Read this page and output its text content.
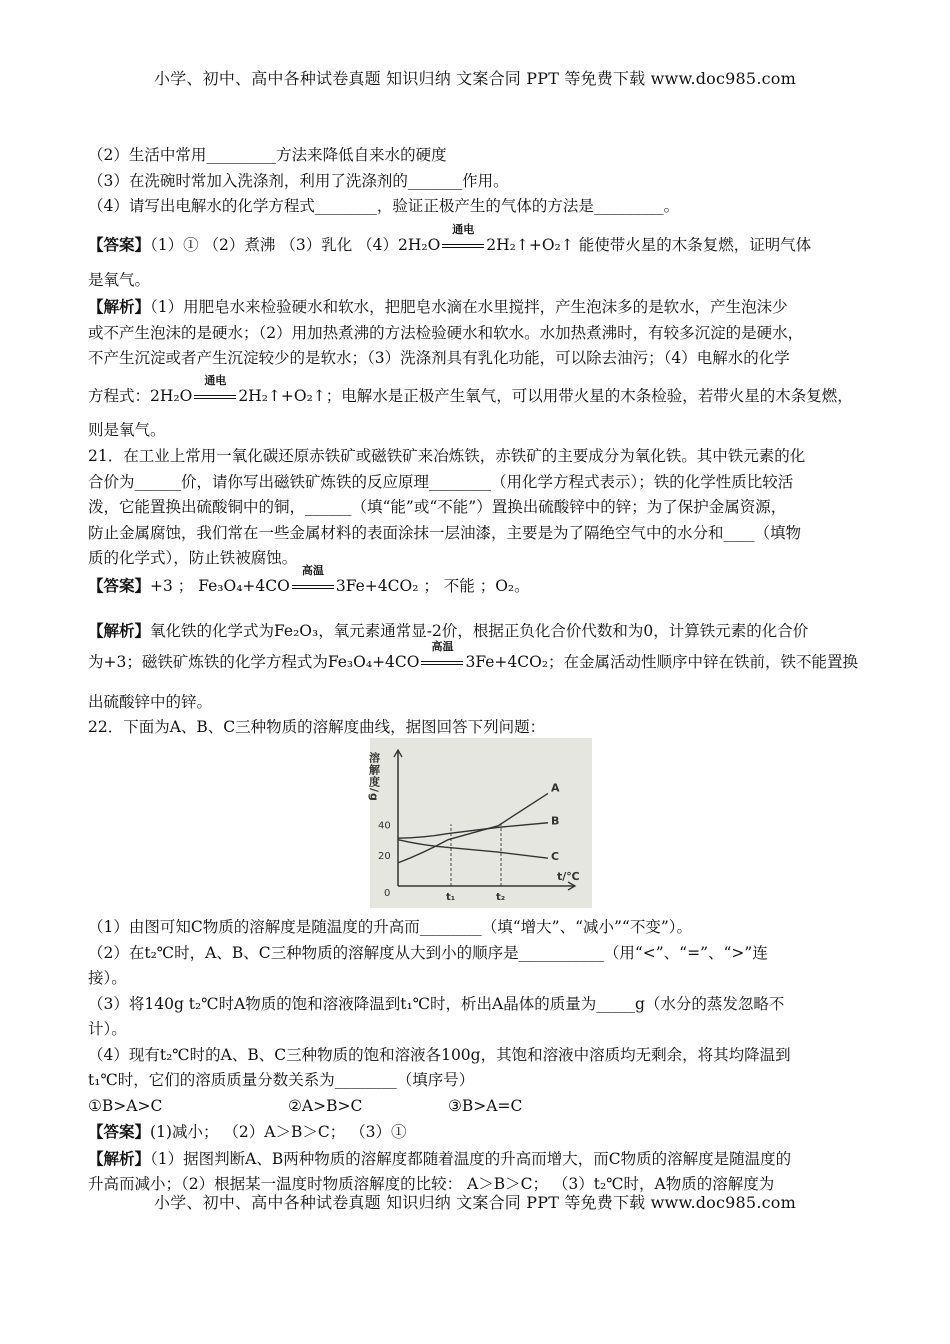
小学、初中、高中各种试卷真题 知识归纳 文案合同 PPT 等免费下载 www.doc985.com

（2）生活中常用_________方法来降低自来水的硬度

（3）在洗碗时常加入洗涤剂，利用了洗涤剂的_______作用。

（4）请写出电解水的化学方程式________，验证正极产生的气体的方法是_________。

【答案】（1）① （2）煮沸 （3）乳化 （4）2H₂O
通电
2H₂↑+O₂↑ 能使带火星的木条复燃，证明气体

是氧气。

【解析】（1）用肥皂水来检验硬水和软水，把肥皂水滴在水里搅拌，产生泡沫多的是软水，产生泡沫少

或不产生泡沫的是硬水；（2）用加热煮沸的方法检验硬水和软水。水加热煮沸时，有较多沉淀的是硬水，

不产生沉淀或者产生沉淀较少的是软水；（3）洗涤剂具有乳化功能，可以除去油污；（4）电解水的化学

方程式：2H₂O
通电
2H₂↑+O₂↑；电解水是正极产生氧气，可以用带火星的木条检验，若带火星的木条复燃，

则是氧气。

21．在工业上常用一氧化碳还原赤铁矿或磁铁矿来冶炼铁，赤铁矿的主要成分为氧化铁。其中铁元素的化

合价为______价，请你写出磁铁矿炼铁的反应原理________（用化学方程式表示）；铁的化学性质比较活

泼，它能置换出硫酸铜中的铜，______（填“能”或“不能”）置换出硫酸锌中的锌；为了保护金属资源，

防止金属腐蚀，我们常在一些金属材料的表面涂抹一层油漆，主要是为了隔绝空气中的水分和____（填物

质的化学式），防止铁被腐蚀。

【答案】+3 ； Fe₃O₄+4CO
高温
3Fe+4CO₂ ； 不能 ；O₂。

【解析】氧化铁的化学式为Fe₂O₃，氧元素通常显-2价，根据正负化合价代数和为0，计算铁元素的化合价

为+3；磁铁矿炼铁的化学方程式为Fe₃O₄+4CO
高温
3Fe+4CO₂；在金属活动性顺序中锌在铁前，铁不能置换

出硫酸锌中的锌。

22．下面为A、B、C三种物质的溶解度曲线，据图回答下列问题：

溶解度/g
t/℃
0
20
40
t₁	t₂
A
B
C

（1）由图可知C物质的溶解度是随温度的升高而________（填“增大”、“减小”“不变”）。

（2）在t₂℃时，A、B、C三种物质的溶解度从大到小的顺序是___________（用“<”、“=”、“>”连

接）。

（3）将140g t₂℃时A物质的饱和溶液降温到t₁℃时，析出A晶体的质量为_____g（水分的蒸发忽略不

计）。

（4）现有t₂℃时的A、B、C三种物质的饱和溶液各100g，其饱和溶液中溶质均无剩余，将其均降温到

t₁℃时，它们的溶质质量分数关系为________（填序号）

①B>A>C	②A>B>C	③B>A=C

【答案】(1)减小； （2）A＞B＞C； （3）①

【解析】（1）据图判断A、B两种物质的溶解度都随着温度的升高而增大，而C物质的溶解度是随温度的

升高而减小；（2）根据某一温度时物质溶解度的比较： A＞B＞C； （3）t₂℃时，A物质的溶解度为

小学、初中、高中各种试卷真题 知识归纳 文案合同 PPT 等免费下载 www.doc985.com
